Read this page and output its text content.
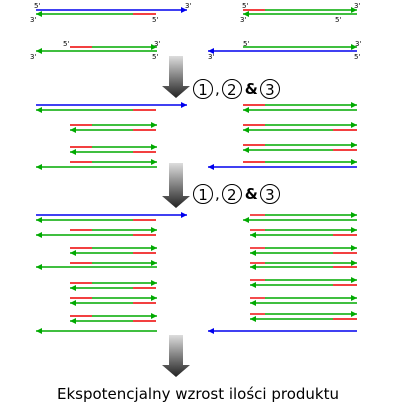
5'	3'
3'	5'
5'	3'
3'	5'
5'	3'
3'	5'
5'	3'
3'	5'
1 , 2 & 3
1 , 2 & 3
Ekspotencjalny wzrost ilości produktu
